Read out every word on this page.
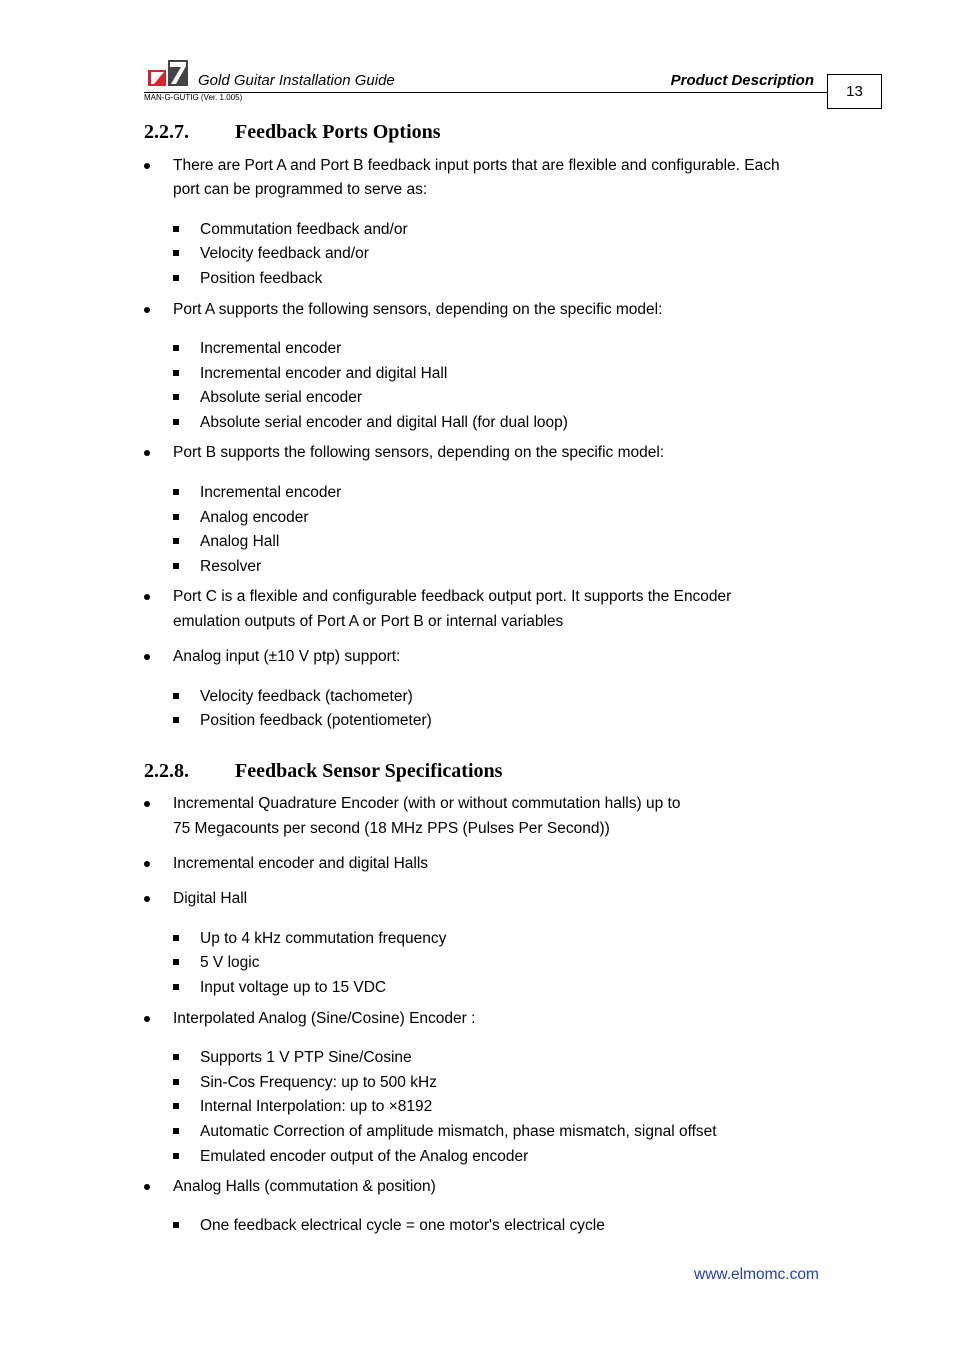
Gold Guitar Installation Guide	Product Description
MAN-G-GUTIG (Ver. 1.005)	13
2.2.7. Feedback Ports Options
There are Port A and Port B feedback input ports that are flexible and configurable. Each
port can be programmed to serve as:
Commutation feedback and/or
Velocity feedback and/or
Position feedback
Port A supports the following sensors, depending on the specific model:
Incremental encoder
Incremental encoder and digital Hall
Absolute serial encoder
Absolute serial encoder and digital Hall (for dual loop)
Port B supports the following sensors, depending on the specific model:
Incremental encoder
Analog encoder
Analog Hall
Resolver
Port C is a flexible and configurable feedback output port. It supports the Encoder
emulation outputs of Port A or Port B or internal variables
Analog input (±10 V ptp) support:
Velocity feedback (tachometer)
Position feedback (potentiometer)
2.2.8. Feedback Sensor Specifications
Incremental Quadrature Encoder (with or without commutation halls) up to
75 Megacounts per second (18 MHz PPS (Pulses Per Second))
Incremental encoder and digital Halls
Digital Hall
Up to 4 kHz commutation frequency
5 V logic
Input voltage up to 15 VDC
Interpolated Analog (Sine/Cosine) Encoder :
Supports 1 V PTP Sine/Cosine
Sin-Cos Frequency: up to 500 kHz
Internal Interpolation: up to ×8192
Automatic Correction of amplitude mismatch, phase mismatch, signal offset
Emulated encoder output of the Analog encoder
Analog Halls (commutation & position)
One feedback electrical cycle = one motor's electrical cycle
www.elmomc.com
